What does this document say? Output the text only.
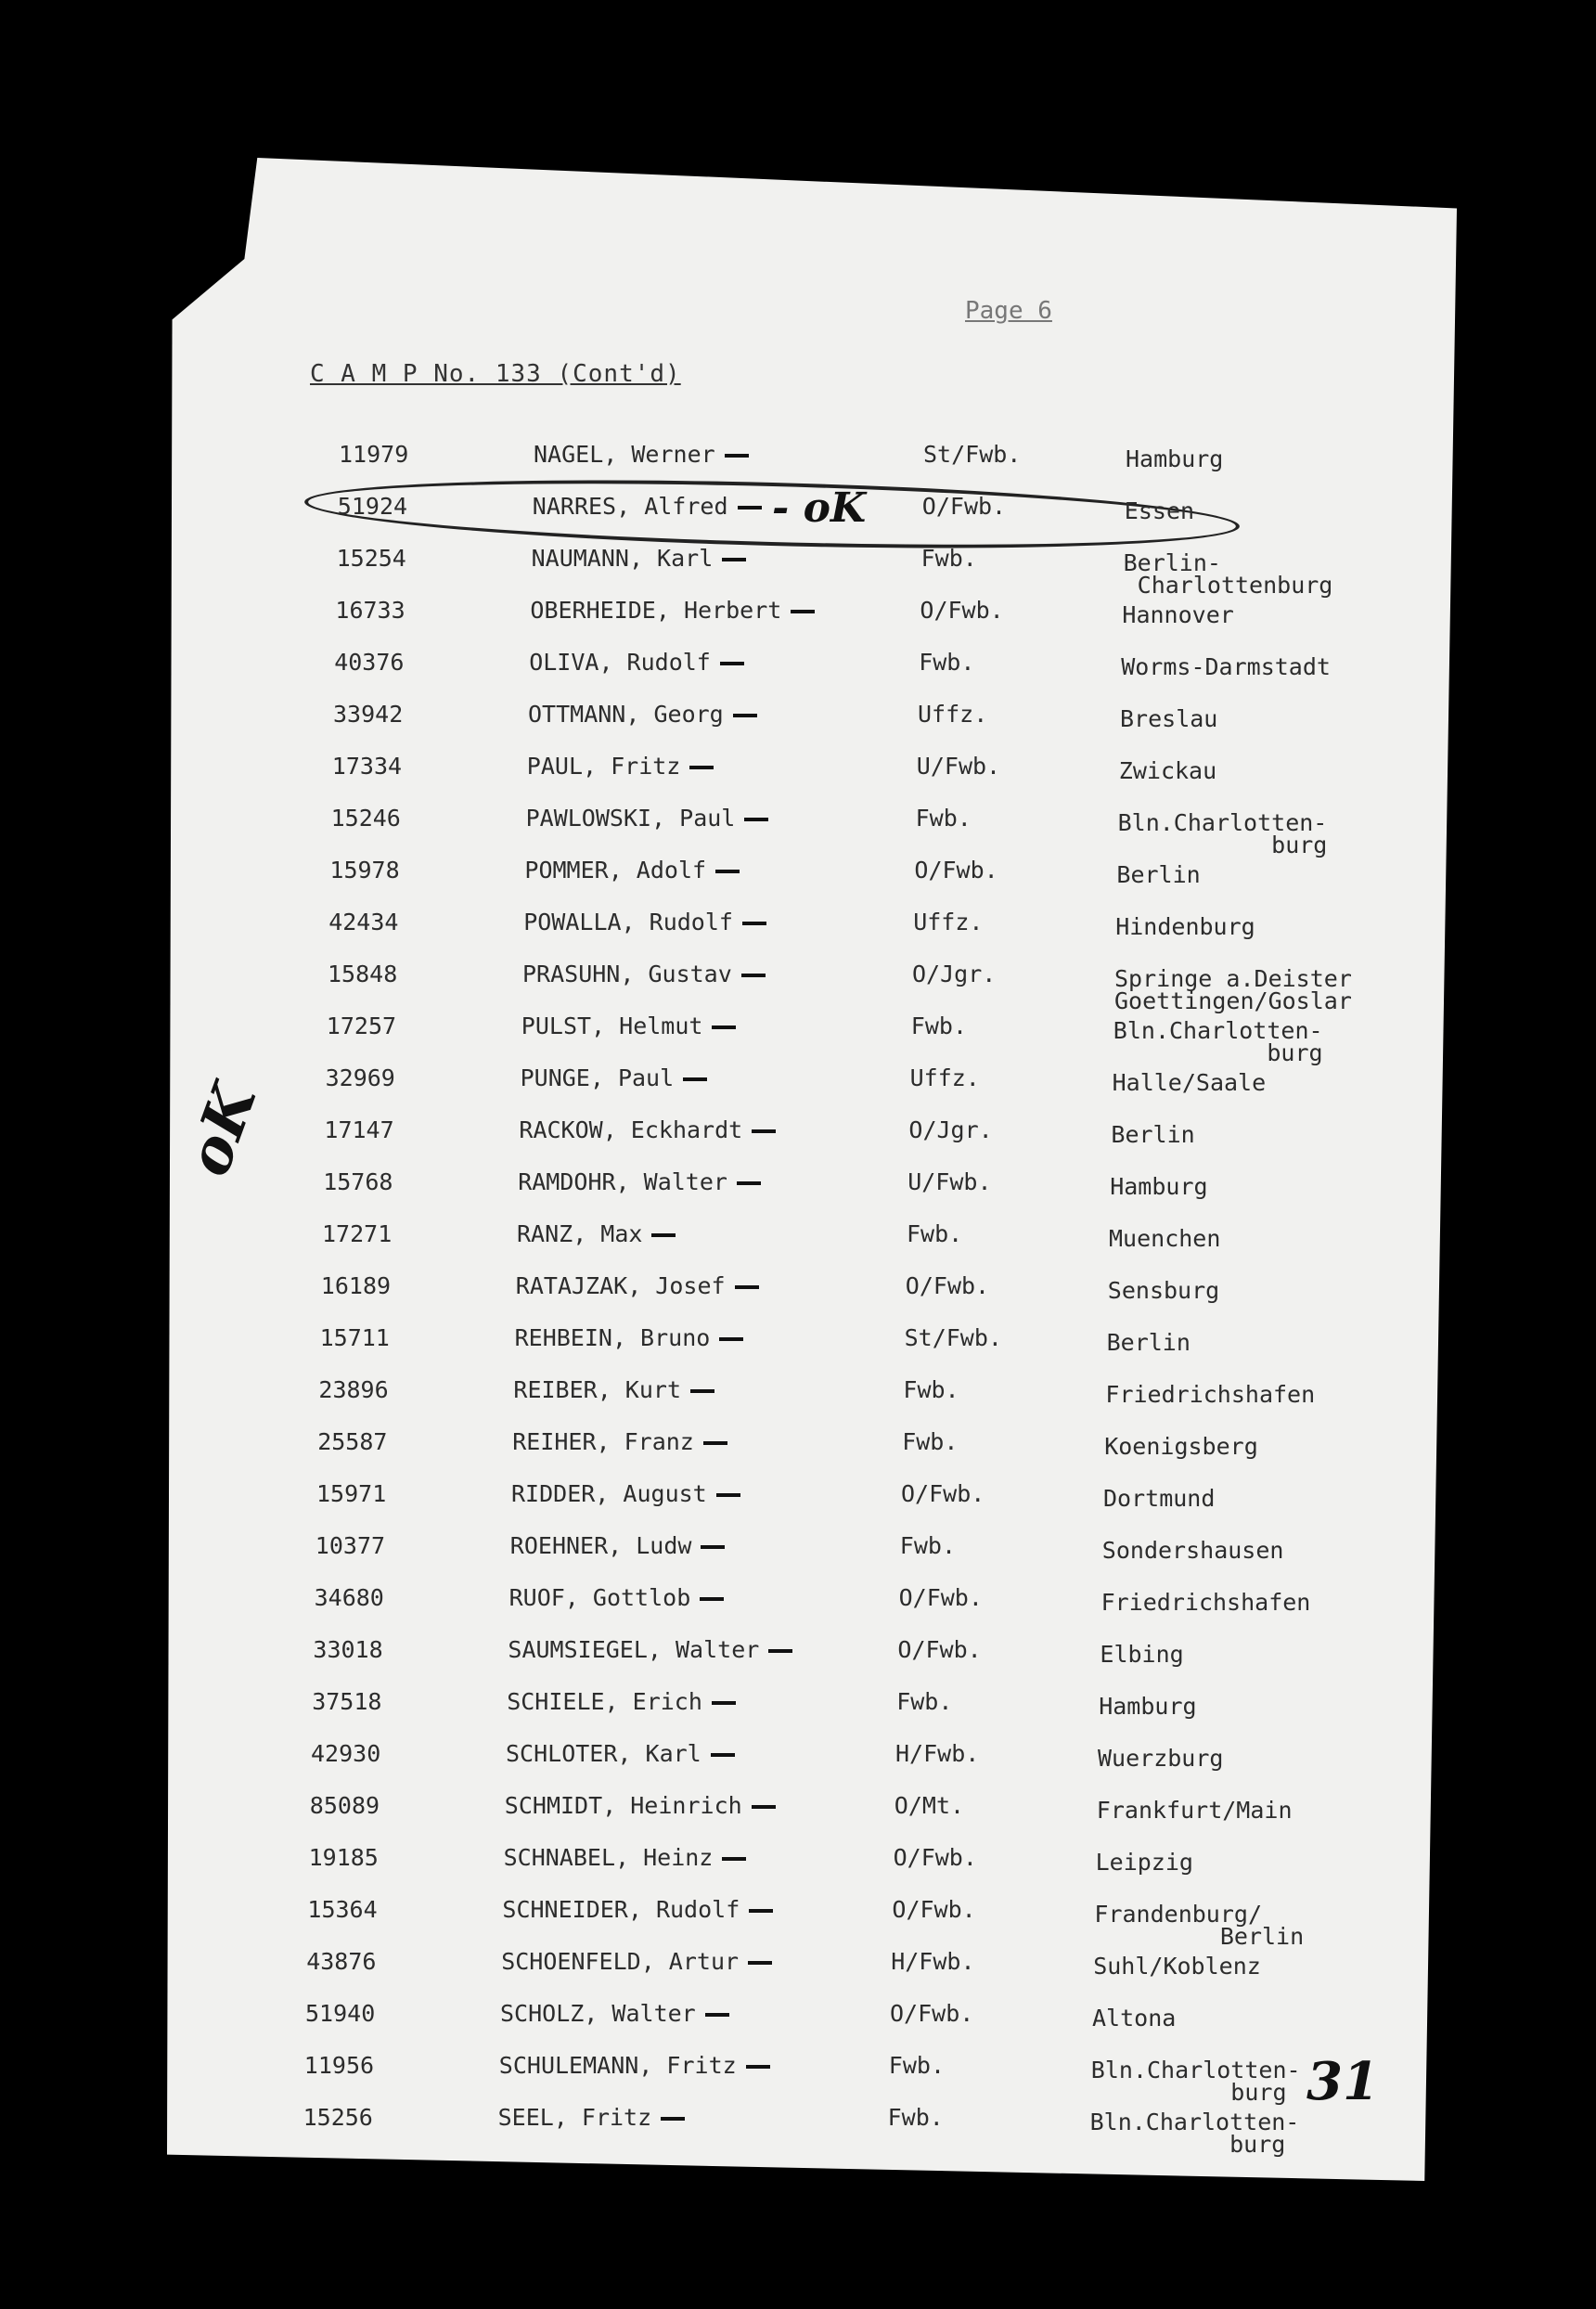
Page 6
C A M P No. 133 (Cont'd)
- oK
oK
31
11979	NAGEL, Werner	St/Fwb.	Hamburg
51924	NARRES, Alfred	O/Fwb.	Essen
15254	NAUMANN, Karl	Fwb.	Berlin-
Charlottenburg
16733	OBERHEIDE, Herbert	O/Fwb.	Hannover
40376	OLIVA, Rudolf	Fwb.	Worms-Darmstadt
33942	OTTMANN, Georg	Uffz.	Breslau
17334	PAUL, Fritz	U/Fwb.	Zwickau
15246	PAWLOWSKI, Paul	Fwb.	Bln.Charlotten-
burg
15978	POMMER, Adolf	O/Fwb.	Berlin
42434	POWALLA, Rudolf	Uffz.	Hindenburg
15848	PRASUHN, Gustav	O/Jgr.	Springe a.Deister
Goettingen/Goslar
17257	PULST, Helmut	Fwb.	Bln.Charlotten-
burg
32969	PUNGE, Paul	Uffz.	Halle/Saale
17147	RACKOW, Eckhardt	O/Jgr.	Berlin
15768	RAMDOHR, Walter	U/Fwb.	Hamburg
17271	RANZ, Max	Fwb.	Muenchen
16189	RATAJZAK, Josef	O/Fwb.	Sensburg
15711	REHBEIN, Bruno	St/Fwb.	Berlin
23896	REIBER, Kurt	Fwb.	Friedrichshafen
25587	REIHER, Franz	Fwb.	Koenigsberg
15971	RIDDER, August	O/Fwb.	Dortmund
10377	ROEHNER, Ludw	Fwb.	Sondershausen
34680	RUOF, Gottlob	O/Fwb.	Friedrichshafen
33018	SAUMSIEGEL, Walter	O/Fwb.	Elbing
37518	SCHIELE, Erich	Fwb.	Hamburg
42930	SCHLOTER, Karl	H/Fwb.	Wuerzburg
85089	SCHMIDT, Heinrich	O/Mt.	Frankfurt/Main
19185	SCHNABEL, Heinz	O/Fwb.	Leipzig
15364	SCHNEIDER, Rudolf	O/Fwb.	Frandenburg/
Berlin
43876	SCHOENFELD, Artur	H/Fwb.	Suhl/Koblenz
51940	SCHOLZ, Walter	O/Fwb.	Altona
11956	SCHULEMANN, Fritz	Fwb.	Bln.Charlotten-
burg
15256	SEEL, Fritz	Fwb.	Bln.Charlotten-
burg
